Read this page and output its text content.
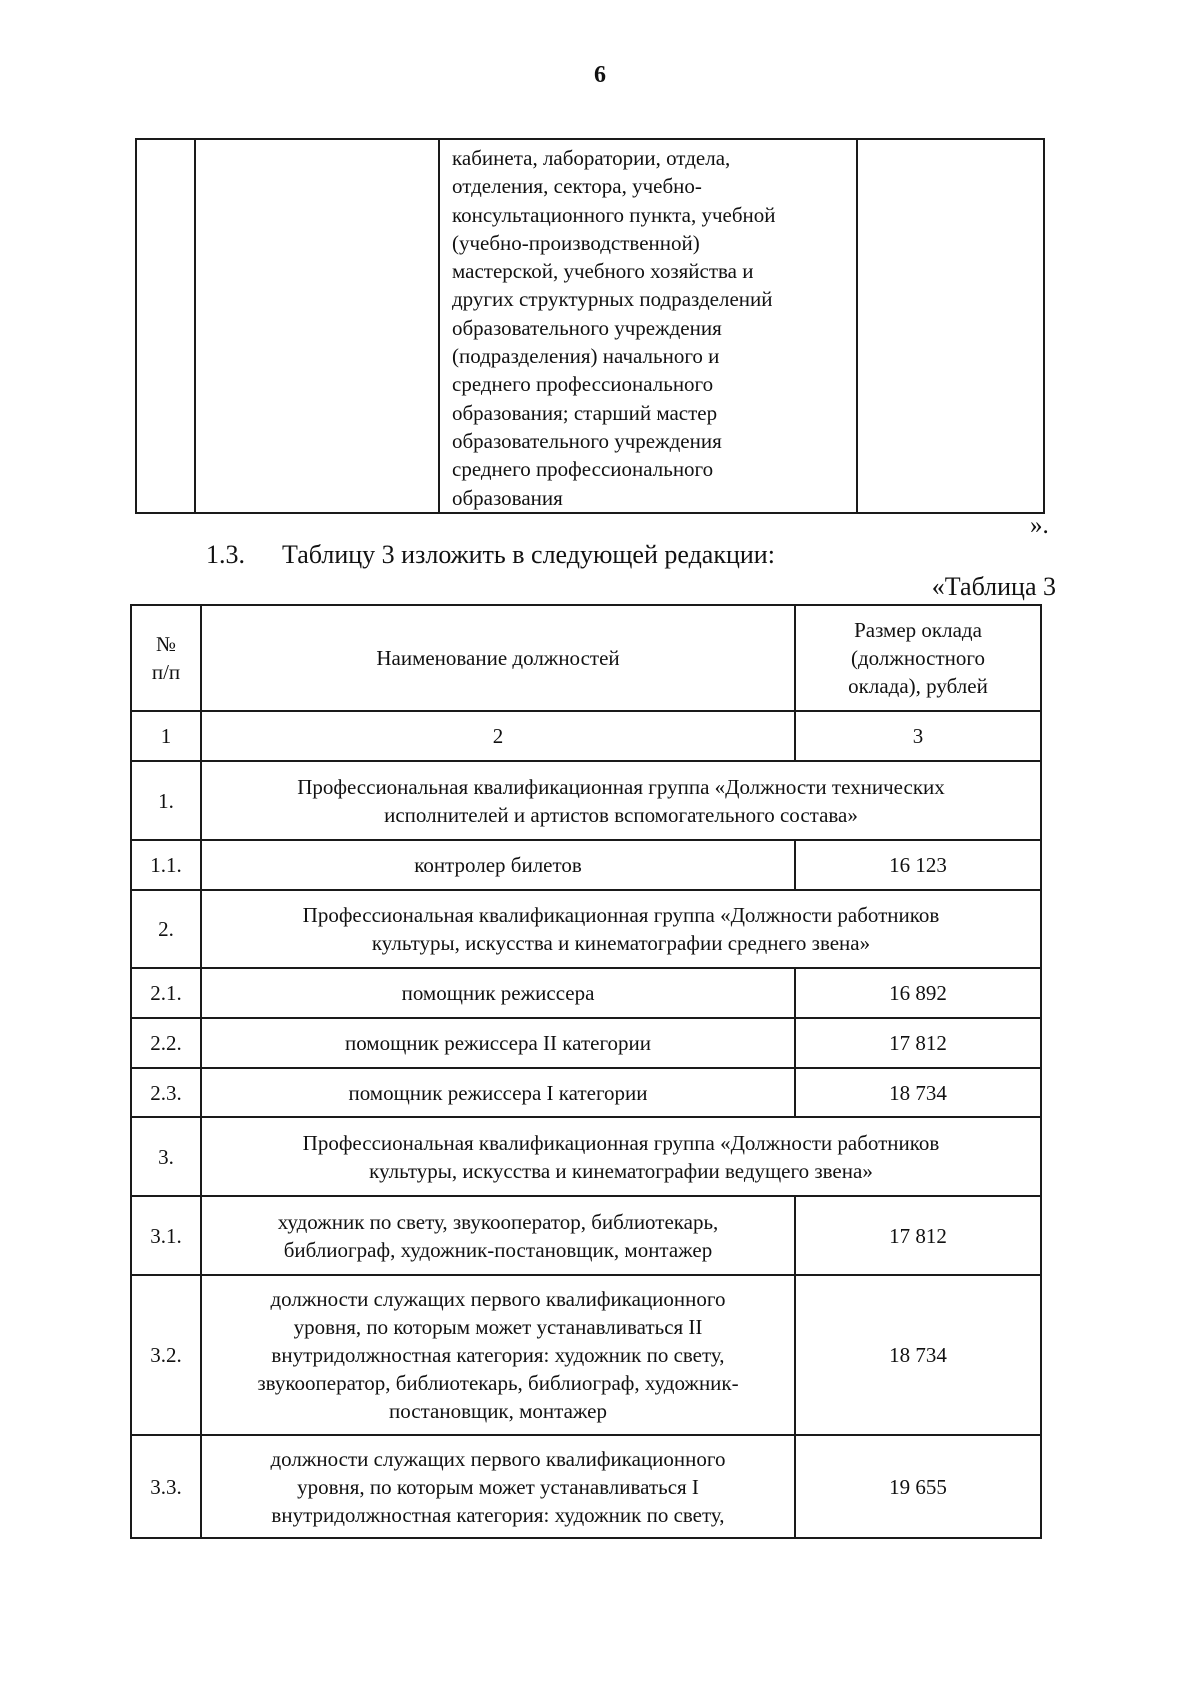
6

кабинета, лаборатории, отдела,
отделения, сектора, учебно-
консультационного пункта, учебной
(учебно-производственной)
мастерской, учебного хозяйства и
других структурных подразделений
образовательного учреждения
(подразделения) начального и
среднего профессионального
образования; старший мастер
образовательного учреждения
среднего профессионального
образования

».
1.3. Таблицу 3 изложить в следующей редакции:
«Таблица 3
№
п/п	Наименование должностей	Размер оклада
(должностного
оклада), рублей
1	2	3
1.	Профессиональная квалификационная группа «Должности технических
исполнителей и артистов вспомогательного состава»	
1.1.	контролер билетов	16 123
2.	Профессиональная квалификационная группа «Должности работников
культуры, искусства и кинематографии среднего звена»	
2.1.	помощник режиссера	16 892
2.2.	помощник режиссера II категории	17 812
2.3.	помощник режиссера I категории	18 734
3.	Профессиональная квалификационная группа «Должности работников
культуры, искусства и кинематографии ведущего звена»	
3.1.	художник по свету, звукооператор, библиотекарь,
библиограф, художник-постановщик, монтажер	17 812
3.2.	должности служащих первого квалификационного
уровня, по которым может устанавливаться II
внутридолжностная категория: художник по свету,
звукооператор, библиотекарь, библиограф, художник-
постановщик, монтажер	18 734
3.3.	должности служащих первого квалификационного
уровня, по которым может устанавливаться I
внутридолжностная категория: художник по свету,	19 655
